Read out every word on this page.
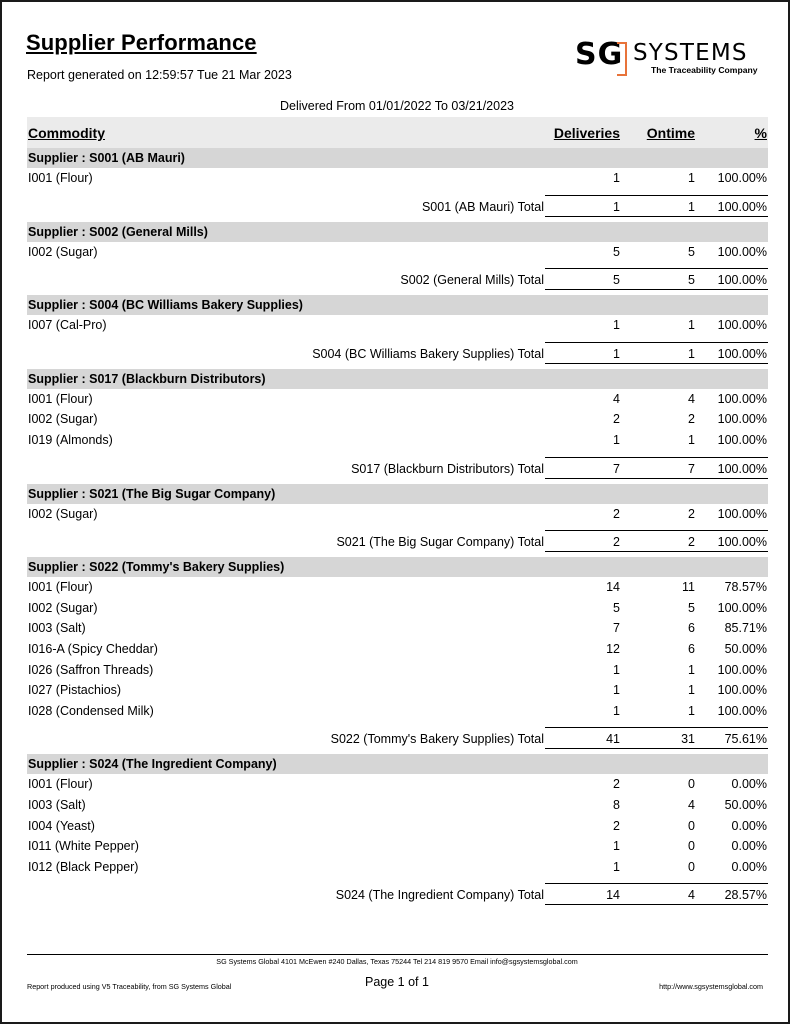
Supplier Performance
Report generated on 12:59:57 Tue 21 Mar 2023
SG SYSTEMS
The Traceability Company
Delivered From 01/01/2022 To 03/21/2023
Commodity	Deliveries Ontime	%
Supplier : S001 (AB Mauri)
I001 (Flour)	1	1 100.00%
S001 (AB Mauri) Total	1	1 100.00%
Supplier : S002 (General Mills)
I002 (Sugar)	5	5 100.00%
S002 (General Mills) Total	5	5 100.00%
Supplier : S004 (BC Williams Bakery Supplies)
I007 (Cal-Pro)	1	1 100.00%
S004 (BC Williams Bakery Supplies) Total	1	1 100.00%
Supplier : S017 (Blackburn Distributors)
I001 (Flour)	4	4 100.00%
I002 (Sugar)	2	2 100.00%
I019 (Almonds)	1	1 100.00%
S017 (Blackburn Distributors) Total	7	7 100.00%
Supplier : S021 (The Big Sugar Company)
I002 (Sugar)	2	2 100.00%
S021 (The Big Sugar Company) Total	2	2 100.00%
Supplier : S022 (Tommy's Bakery Supplies)
I001 (Flour)	14	11 78.57%
I002 (Sugar)	5	5 100.00%
I003 (Salt)	7	6 85.71%
I016-A (Spicy Cheddar)	12	6 50.00%
I026 (Saffron Threads)	1	1 100.00%
I027 (Pistachios)	1	1 100.00%
I028 (Condensed Milk)	1	1 100.00%
S022 (Tommy's Bakery Supplies) Total	41	31 75.61%
Supplier : S024 (The Ingredient Company)
I001 (Flour)	2	0	0.00%
I003 (Salt)	8	4 50.00%
I004 (Yeast)	2	0	0.00%
I011 (White Pepper)	1	0	0.00%
I012 (Black Pepper)	1	0	0.00%
S024 (The Ingredient Company) Total	14	4 28.57%
SG Systems Global 4101 McEwen #240 Dallas, Texas 75244 Tel 214 819 9570 Email info@sgsystemsglobal.com
Report produced using V5 Traceability, from SG Systems Global	Page 1 of 1	http://www.sgsystemsglobal.com
